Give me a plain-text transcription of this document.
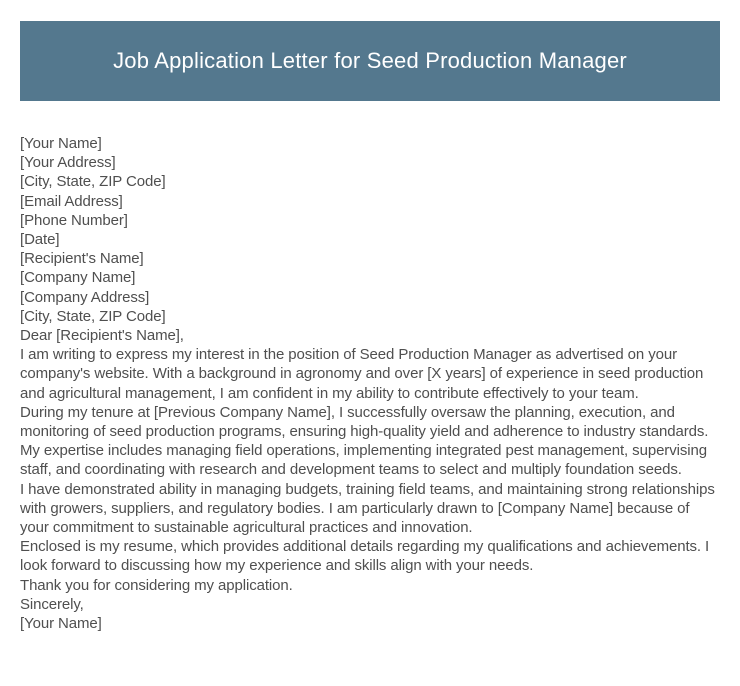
Job Application Letter for Seed Production Manager
[Your Name]
[Your Address]
[City, State, ZIP Code]
[Email Address]
[Phone Number]
[Date]
[Recipient's Name]
[Company Name]
[Company Address]
[City, State, ZIP Code]

Dear [Recipient's Name],

I am writing to express my interest in the position of Seed Production Manager as advertised on your company's website. With a background in agronomy and over [X years] of experience in seed production and agricultural management, I am confident in my ability to contribute effectively to your team.

During my tenure at [Previous Company Name], I successfully oversaw the planning, execution, and monitoring of seed production programs, ensuring high-quality yield and adherence to industry standards. My expertise includes managing field operations, implementing integrated pest management, supervising staff, and coordinating with research and development teams to select and multiply foundation seeds.

I have demonstrated ability in managing budgets, training field teams, and maintaining strong relationships with growers, suppliers, and regulatory bodies. I am particularly drawn to [Company Name] because of your commitment to sustainable agricultural practices and innovation.

Enclosed is my resume, which provides additional details regarding my qualifications and achievements. I look forward to discussing how my experience and skills align with your needs.

Thank you for considering my application.

Sincerely,

[Your Name]
